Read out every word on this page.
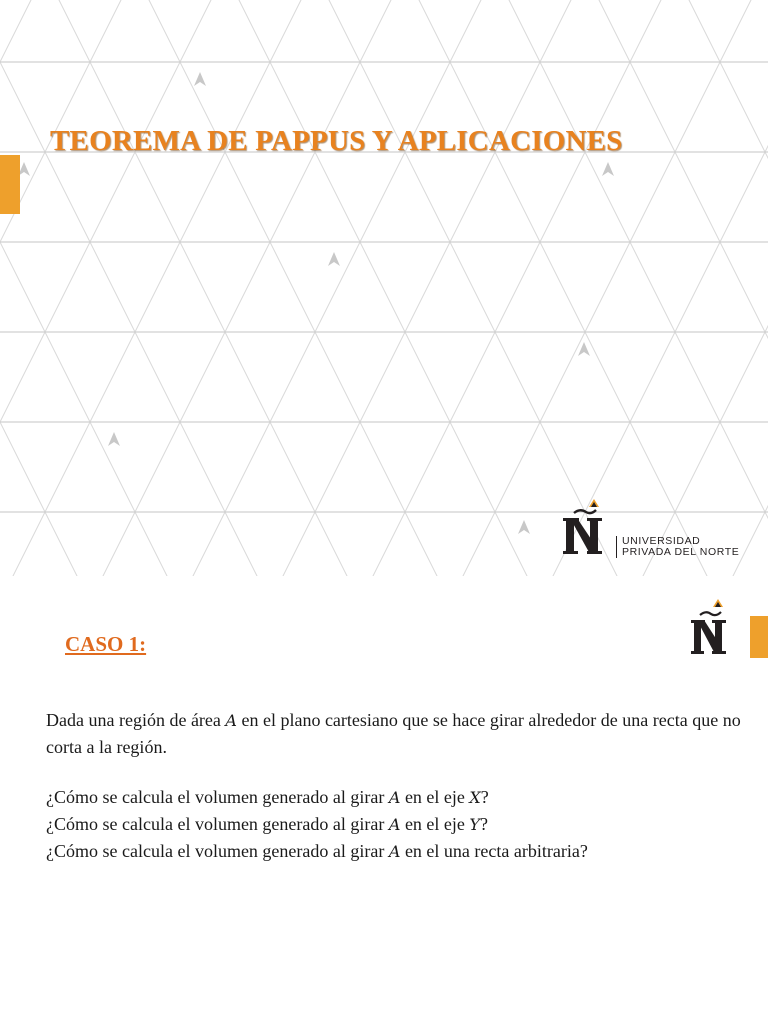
TEOREMA DE PAPPUS Y APLICACIONES
UNIVERSIDAD
PRIVADA DEL NORTE
CASO 1:

Dada una región de área A en el plano cartesiano que se hace girar alrededor de una recta que no corta a la región.

¿Cómo se calcula el volumen generado al girar A en el eje X?
¿Cómo se calcula el volumen generado al girar A en el eje Y?
¿Cómo se calcula el volumen generado al girar A en el una recta arbitraria?
